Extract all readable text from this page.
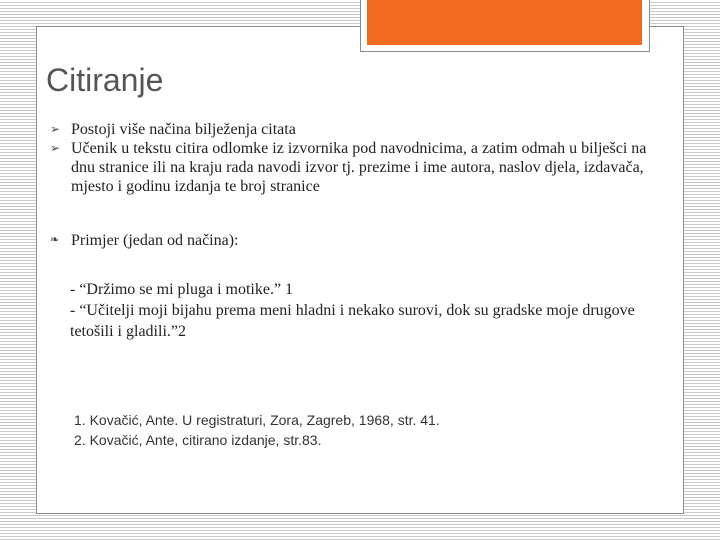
Citiranje
➢ Postoji više načina bilježenja citata
➢ Učenik u tekstu citira odlomke iz izvornika pod navodnicima, a zatim odmah u bilješci na dnu stranice ili na kraju rada navodi izvor tj. prezime i ime autora, naslov djela, izdavača, mjesto i godinu izdanja te broj stranice
❧ Primjer (jedan od načina):
- “Držimo se mi pluga i motike.” 1
- “Učitelji moji bijahu prema meni hladni i nekako surovi, dok su gradske moje drugove tetošili i gladili.”2
1. Kovačić, Ante. U registraturi, Zora, Zagreb, 1968, str. 41.
2. Kovačić, Ante, citirano izdanje, str.83.
